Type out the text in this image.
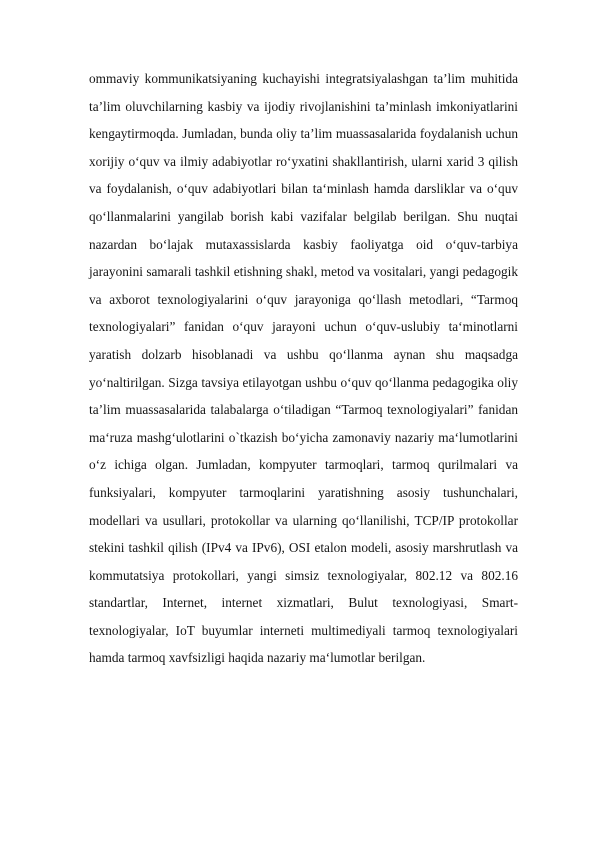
ommaviy kommunikatsiyaning kuchayishi integratsiyalashgan ta’lim muhitida
ta’lim oluvchilarning kasbiy va ijodiy rivojlanishini ta’minlash imkoniyatlarini
kengaytirmoqda. Jumladan, bunda oliy ta’lim muassasalarida foydalanish uchun
xorijiy o‘quv va ilmiy adabiyotlar ro‘yxatini shakllantirish, ularni xarid 3 qilish
va foydalanish, o‘quv adabiyotlari bilan ta‘minlash hamda darsliklar va o‘quv
qo‘llanmalarini yangilab borish kabi vazifalar belgilab berilgan. Shu nuqtai
nazardan bo‘lajak mutaxassislarda kasbiy faoliyatga oid o‘quv-tarbiya
jarayonini samarali tashkil etishning shakl, metod va vositalari, yangi pedagogik
va axborot texnologiyalarini o‘quv jarayoniga qo‘llash metodlari, “Tarmoq
texnologiyalari” fanidan o‘quv jarayoni uchun o‘quv-uslubiy ta‘minotlarni
yaratish dolzarb hisoblanadi va ushbu qo‘llanma aynan shu maqsadga
yo‘naltirilgan. Sizga tavsiya etilayotgan ushbu o‘quv qo‘llanma pedagogika oliy
ta’lim muassasalarida talabalarga o‘tiladigan “Tarmoq texnologiyalari” fanidan
ma‘ruza mashg‘ulotlarini o`tkazish bo‘yicha zamonaviy nazariy ma‘lumotlarini
o‘z ichiga olgan. Jumladan, kompyuter tarmoqlari, tarmoq qurilmalari va
funksiyalari, kompyuter tarmoqlarini yaratishning asosiy tushunchalari,
modellari va usullari, protokollar va ularning qo‘llanilishi, TCP/IP protokollar
stekini tashkil qilish (IPv4 va IPv6), OSI etalon modeli, asosiy marshrutlash va
kommutatsiya protokollari, yangi simsiz texnologiyalar, 802.12 va 802.16
standartlar, Internet, internet xizmatlari, Bulut texnologiyasi, Smart-
texnologiyalar, IoT buyumlar interneti multimediyali tarmoq texnologiyalari
hamda tarmoq xavfsizligi haqida nazariy ma‘lumotlar berilgan.
